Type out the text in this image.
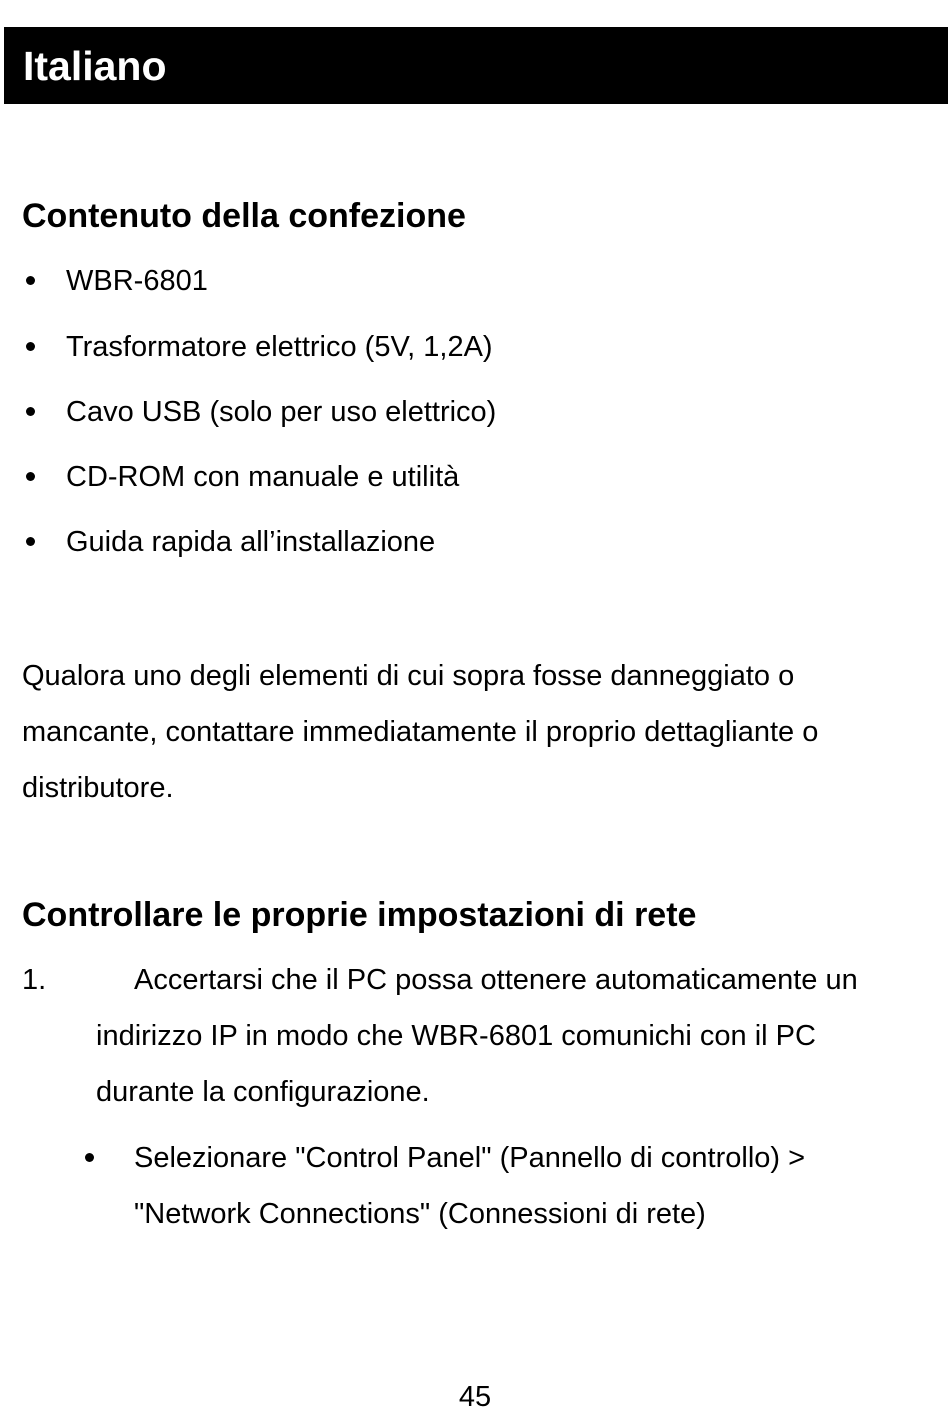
Italiano
Contenuto della confezione
WBR-6801
Trasformatore elettrico (5V, 1,2A)
Cavo USB (solo per uso elettrico)
CD-ROM con manuale e utilità
Guida rapida all’installazione
Qualora uno degli elementi di cui sopra fosse danneggiato o
mancante, contattare immediatamente il proprio dettagliante o
distributore.
Controllare le proprie impostazioni di rete
1.	Accertarsi che il PC possa ottenere automaticamente un
indirizzo IP in modo che WBR-6801 comunichi con il PC
durante la configurazione.
Selezionare "Control Panel" (Pannello di controllo) >
"Network Connections" (Connessioni di rete)
45
